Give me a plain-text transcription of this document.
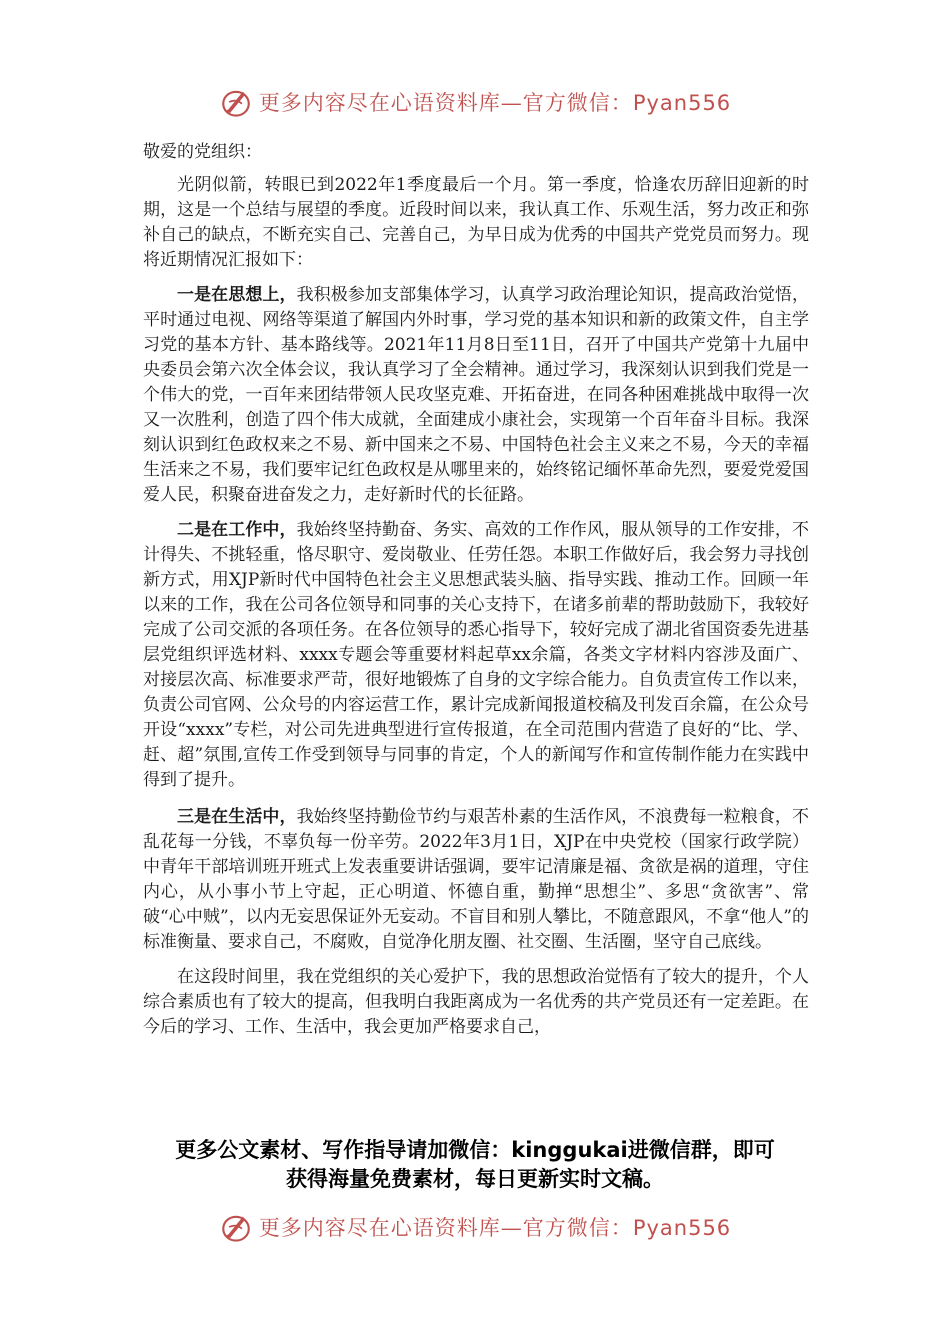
更多内容尽在心语资料库—官方微信：Pyan556

敬爱的党组织：

光阴似箭，转眼已到2022年1季度最后一个月。第一季度，恰逢农历辞旧迎新的时期，这是一个总结与展望的季度。近段时间以来，我认真工作、乐观生活，努力改正和弥补自己的缺点，不断充实自己、完善自己，为早日成为优秀的中国共产党党员而努力。现将近期情况汇报如下：

一是在思想上，我积极参加支部集体学习，认真学习政治理论知识，提高政治觉悟，平时通过电视、网络等渠道了解国内外时事，学习党的基本知识和新的政策文件，自主学习党的基本方针、基本路线等。2021年11月8日至11日，召开了中国共产党第十九届中央委员会第六次全体会议，我认真学习了全会精神。通过学习，我深刻认识到我们党是一个伟大的党，一百年来团结带领人民攻坚克难、开拓奋进，在同各种困难挑战中取得一次又一次胜利，创造了四个伟大成就，全面建成小康社会，实现第一个百年奋斗目标。我深刻认识到红色政权来之不易、新中国来之不易、中国特色社会主义来之不易，今天的幸福生活来之不易，我们要牢记红色政权是从哪里来的，始终铭记缅怀革命先烈，要爱党爱国爱人民，积聚奋进奋发之力，走好新时代的长征路。

二是在工作中，我始终坚持勤奋、务实、高效的工作作风，服从领导的工作安排，不计得失、不挑轻重，恪尽职守、爱岗敬业、任劳任怨。本职工作做好后，我会努力寻找创新方式，用XJP新时代中国特色社会主义思想武装头脑、指导实践、推动工作。回顾一年以来的工作，我在公司各位领导和同事的关心支持下，在诸多前辈的帮助鼓励下，我较好完成了公司交派的各项任务。在各位领导的悉心指导下，较好完成了湖北省国资委先进基层党组织评选材料、xxxx专题会等重要材料起草xx余篇，各类文字材料内容涉及面广、对接层次高、标准要求严苛，很好地锻炼了自身的文字综合能力。自负责宣传工作以来，负责公司官网、公众号的内容运营工作，累计完成新闻报道校稿及刊发百余篇，在公众号开设“xxxx”专栏，对公司先进典型进行宣传报道，在全司范围内营造了良好的“比、学、赶、超”氛围,宣传工作受到领导与同事的肯定，个人的新闻写作和宣传制作能力在实践中得到了提升。

三是在生活中，我始终坚持勤俭节约与艰苦朴素的生活作风，不浪费每一粒粮食，不乱花每一分钱，不辜负每一份辛劳。2022年3月1日，XJP在中央党校（国家行政学院）中青年干部培训班开班式上发表重要讲话强调，要牢记清廉是福、贪欲是祸的道理，守住内心，从小事小节上守起，正心明道、怀德自重，勤掸“思想尘”、多思“贪欲害”、常破“心中贼”，以内无妄思保证外无妄动。不盲目和别人攀比，不随意跟风，不拿“他人”的标准衡量、要求自己，不腐败，自觉净化朋友圈、社交圈、生活圈，坚守自己底线。

在这段时间里，我在党组织的关心爱护下，我的思想政治觉悟有了较大的提升，个人综合素质也有了较大的提高，但我明白我距离成为一名优秀的共产党员还有一定差距。在今后的学习、工作、生活中，我会更加严格要求自己，

更多公文素材、写作指导请加微信：kinggukai进微信群，即可
获得海量免费素材，每日更新实时文稿。
更多内容尽在心语资料库—官方微信：Pyan556
